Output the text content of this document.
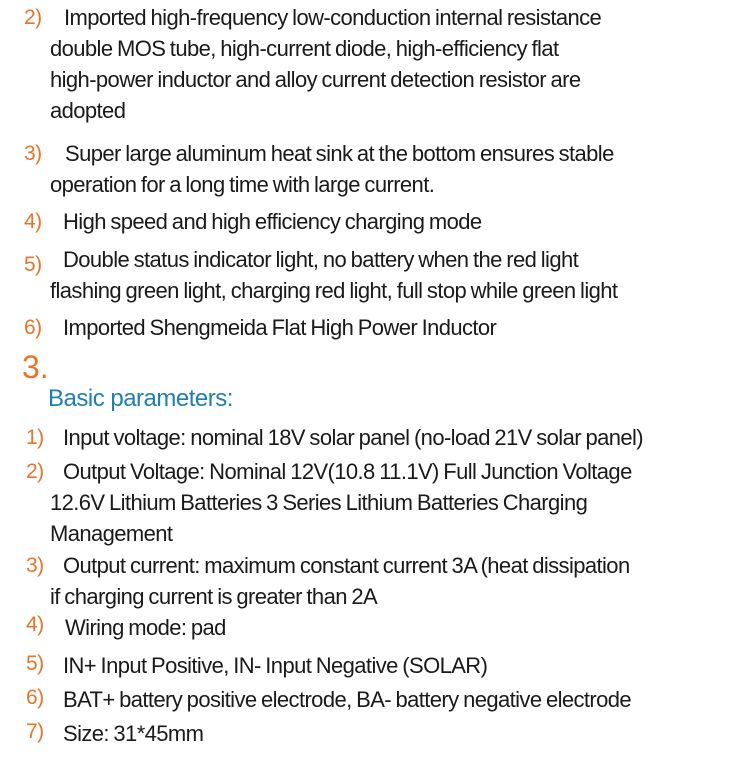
2)	Imported high-frequency low-conduction internal resistance
double MOS tube, high-current diode, high-efficiency flat
high-power inductor and alloy current detection resistor are
adopted
3)	Super large aluminum heat sink at the bottom ensures stable
operation for a long time with large current.
4) High speed and high efficiency charging mode
5) Double status indicator light, no battery when the red light
flashing green light, charging red light, full stop while green light
6) Imported Shengmeida Flat High Power Inductor
3.
Basic parameters:
1) Input voltage: nominal 18V solar panel (no-load 21V solar panel)
2) Output Voltage: Nominal 12V(10.8 11.1V) Full Junction Voltage
12.6V Lithium Batteries 3 Series Lithium Batteries Charging
Management
3) Output current: maximum constant current 3A (heat dissipation
if charging current is greater than 2A
4) Wiring mode: pad
5) IN+ Input Positive, IN- Input Negative (SOLAR)
6) BAT+ battery positive electrode, BA- battery negative electrode
7) Size: 31*45mm
